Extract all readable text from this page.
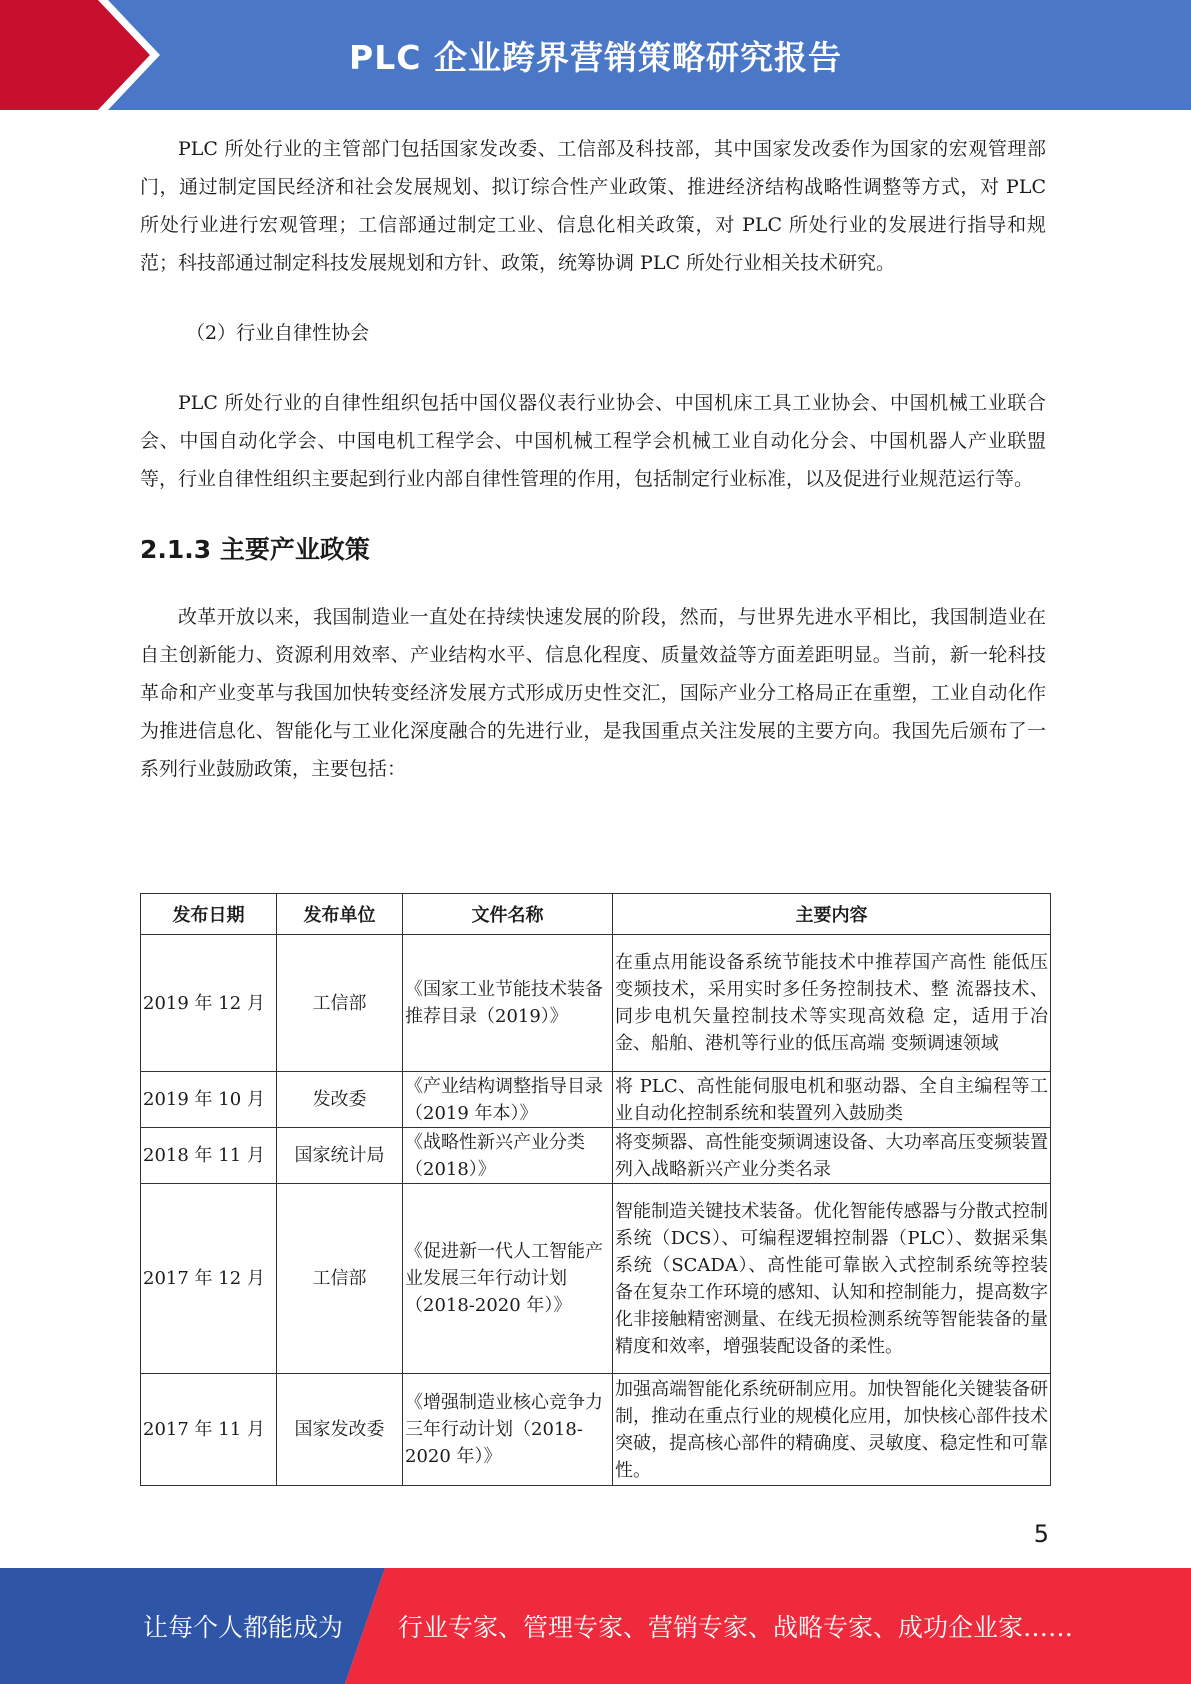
PLC 企业跨界营销策略研究报告

PLC 所处行业的主管部门包括国家发改委、工信部及科技部，其中国家发改委作为国家的宏观管理部门，通过制定国民经济和社会发展规划、拟订综合性产业政策、推进经济结构战略性调整等方式，对 PLC 所处行业进行宏观管理；工信部通过制定工业、信息化相关政策，对 PLC 所处行业的发展进行指导和规范；科技部通过制定科技发展规划和方针、政策，统筹协调 PLC 所处行业相关技术研究。

（2）行业自律性协会

PLC 所处行业的自律性组织包括中国仪器仪表行业协会、中国机床工具工业协会、中国机械工业联合会、中国自动化学会、中国电机工程学会、中国机械工程学会机械工业自动化分会、中国机器人产业联盟等，行业自律性组织主要起到行业内部自律性管理的作用，包括制定行业标准，以及促进行业规范运行等。

2.1.3 主要产业政策

改革开放以来，我国制造业一直处在持续快速发展的阶段，然而，与世界先进水平相比，我国制造业在自主创新能力、资源利用效率、产业结构水平、信息化程度、质量效益等方面差距明显。当前，新一轮科技革命和产业变革与我国加快转变经济发展方式形成历史性交汇，国际产业分工格局正在重塑，工业自动化作为推进信息化、智能化与工业化深度融合的先进行业，是我国重点关注发展的主要方向。我国先后颁布了一系列行业鼓励政策，主要包括：

发布日期	发布单位	文件名称	主要内容
2019 年 12 月	工信部	《国家工业节能技术装备推荐目录（2019）》	在重点用能设备系统节能技术中推荐国产高性 能低压变频技术，采用实时多任务控制技术、整 流器技术、同步电机矢量控制技术等实现高效稳 定，适用于冶金、船舶、港机等行业的低压高端 变频调速领域
2019 年 10 月	发改委	《产业结构调整指导目录（2019 年本）》	将 PLC、高性能伺服电机和驱动器、全自主编程等工业自动化控制系统和装置列入鼓励类
2018 年 11 月	国家统计局	《战略性新兴产业分类（2018）》	将变频器、高性能变频调速设备、大功率高压变频装置列入战略新兴产业分类名录
2017 年 12 月	工信部	《促进新一代人工智能产业发展三年行动计划（2018-2020 年）》	智能制造关键技术装备。优化智能传感器与分散式控制系统（DCS）、可编程逻辑控制器（PLC）、数据采集系统（SCADA）、高性能可靠嵌入式控制系统等控装备在复杂工作环境的感知、认知和控制能力，提高数字化非接触精密测量、在线无损检测系统等智能装备的量精度和效率，增强装配设备的柔性。
2017 年 11 月	国家发改委	《增强制造业核心竞争力三年行动计划（2018-2020 年）》	加强高端智能化系统研制应用。加快智能化关键装备研制，推动在重点行业的规模化应用，加快核心部件技术突破，提高核心部件的精确度、灵敏度、稳定性和可靠性。
5
让每个人都能成为 行业专家、管理专家、营销专家、战略专家、成功企业家……
